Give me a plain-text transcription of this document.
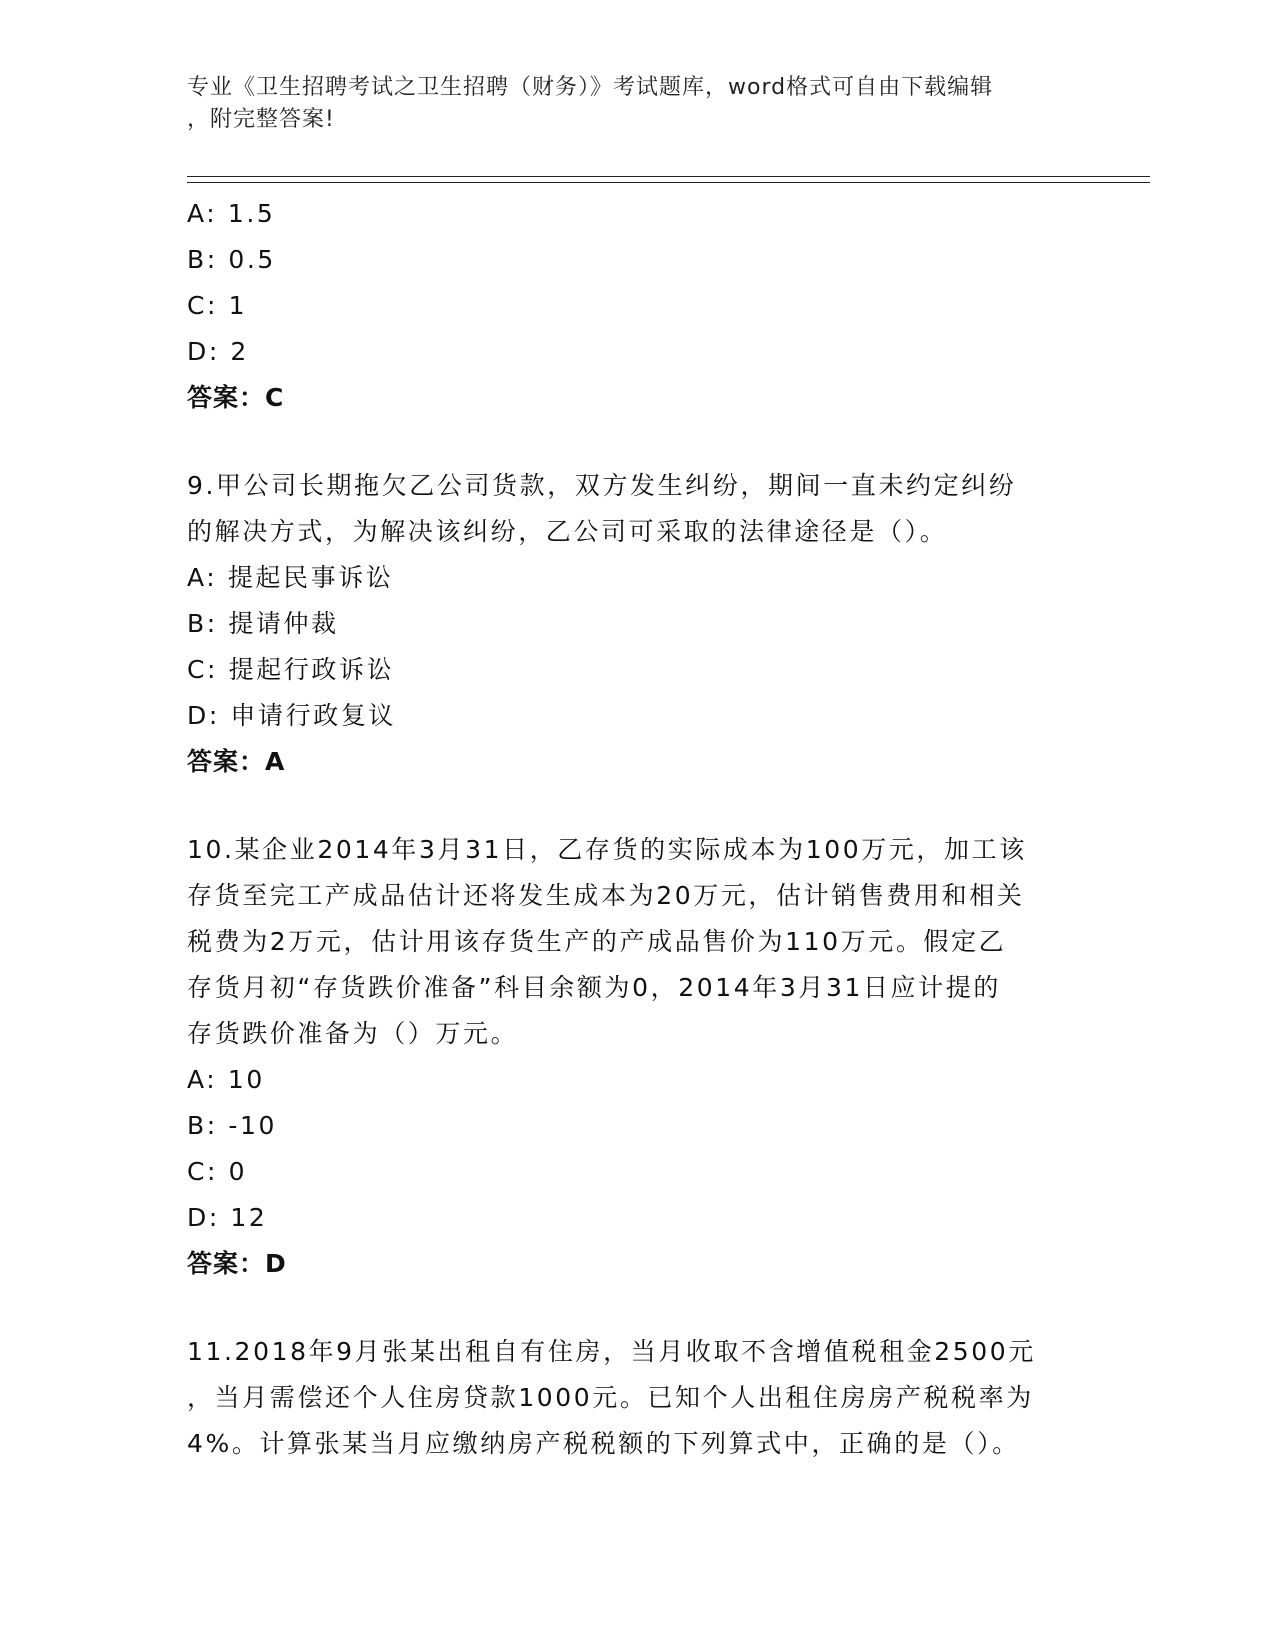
专业《卫生招聘考试之卫生招聘（财务）》考试题库，word格式可自由下载编辑
，附完整答案!
A: 1.5
B: 0.5
C: 1
D: 2
答案：C
9.甲公司长期拖欠乙公司货款，双方发生纠纷，期间一直未约定纠纷
的解决方式，为解决该纠纷，乙公司可采取的法律途径是（）。
A: 提起民事诉讼
B: 提请仲裁
C: 提起行政诉讼
D: 申请行政复议
答案：A
10.某企业2014年3月31日，乙存货的实际成本为100万元，加工该
存货至完工产成品估计还将发生成本为20万元，估计销售费用和相关
税费为2万元，估计用该存货生产的产成品售价为110万元。假定乙
存货月初“存货跌价准备”科目余额为0，2014年3月31日应计提的
存货跌价准备为（）万元。
A: 10
B: -10
C: 0
D: 12
答案：D
11.2018年9月张某出租自有住房，当月收取不含增值税租金2500元
，当月需偿还个人住房贷款1000元。已知个人出租住房房产税税率为
4%。计算张某当月应缴纳房产税税额的下列算式中，正确的是（）。
